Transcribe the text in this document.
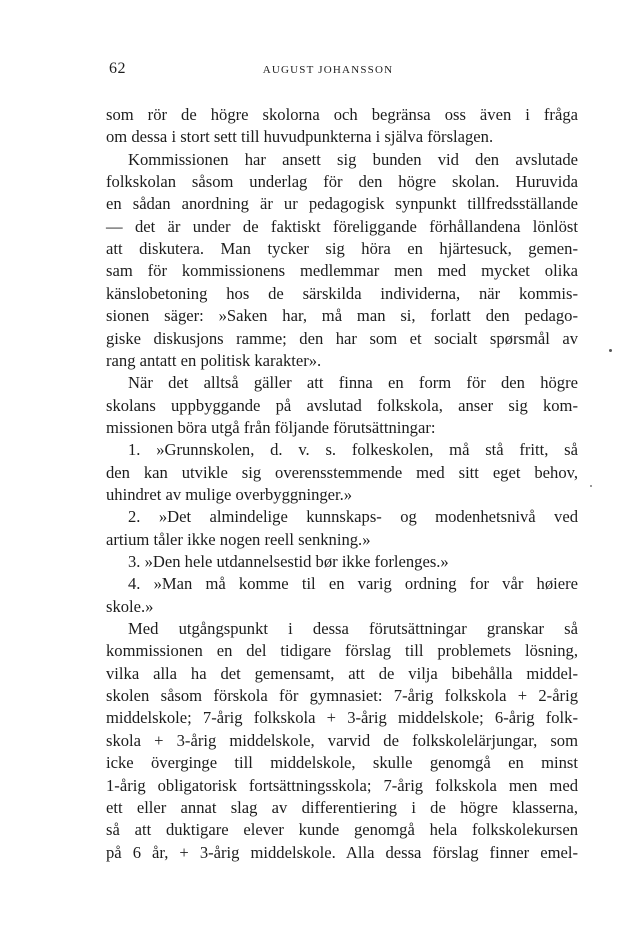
62	AUGUST JOHANSSON
som rör de högre skolorna och begränsa oss även i fråga
om dessa i stort sett till huvudpunkterna i själva förslagen.
Kommissionen har ansett sig bunden vid den avslutade
folkskolan såsom underlag för den högre skolan. Huruvida
en sådan anordning är ur pedagogisk synpunkt tillfredsställande
— det är under de faktiskt föreliggande förhållandena lönlöst
att diskutera. Man tycker sig höra en hjärtesuck, gemen-
sam för kommissionens medlemmar men med mycket olika
känslobetoning hos de särskilda individerna, när kommis-
sionen säger: »Saken har, må man si, forlatt den pedago-
giske diskusjons ramme; den har som et socialt spørsmål av
rang antatt en politisk karakter».
När det alltså gäller att finna en form för den högre
skolans uppbyggande på avslutad folkskola, anser sig kom-
missionen böra utgå från följande förutsättningar:
1. »Grunnskolen, d. v. s. folkeskolen, må stå fritt, så
den kan utvikle sig overensstemmende med sitt eget behov,
uhindret av mulige overbyggninger.»
2. »Det almindelige kunnskaps- og modenhetsnivå ved
artium tåler ikke nogen reell senkning.»
3. »Den hele utdannelsestid bør ikke forlenges.»
4. »Man må komme til en varig ordning for vår høiere
skole.»
Med utgångspunkt i dessa förutsättningar granskar så
kommissionen en del tidigare förslag till problemets lösning,
vilka alla ha det gemensamt, att de vilja bibehålla middel-
skolen såsom förskola för gymnasiet: 7-årig folkskola + 2-årig
middelskole; 7-årig folkskola + 3-årig middelskole; 6-årig folk-
skola + 3-årig middelskole, varvid de folkskolelärjungar, som
icke överginge till middelskole, skulle genomgå en minst
1-årig obligatorisk fortsättningsskola; 7-årig folkskola men med
ett eller annat slag av differentiering i de högre klasserna,
så att duktigare elever kunde genomgå hela folkskolekursen
på 6 år, + 3-årig middelskole. Alla dessa förslag finner emel-
